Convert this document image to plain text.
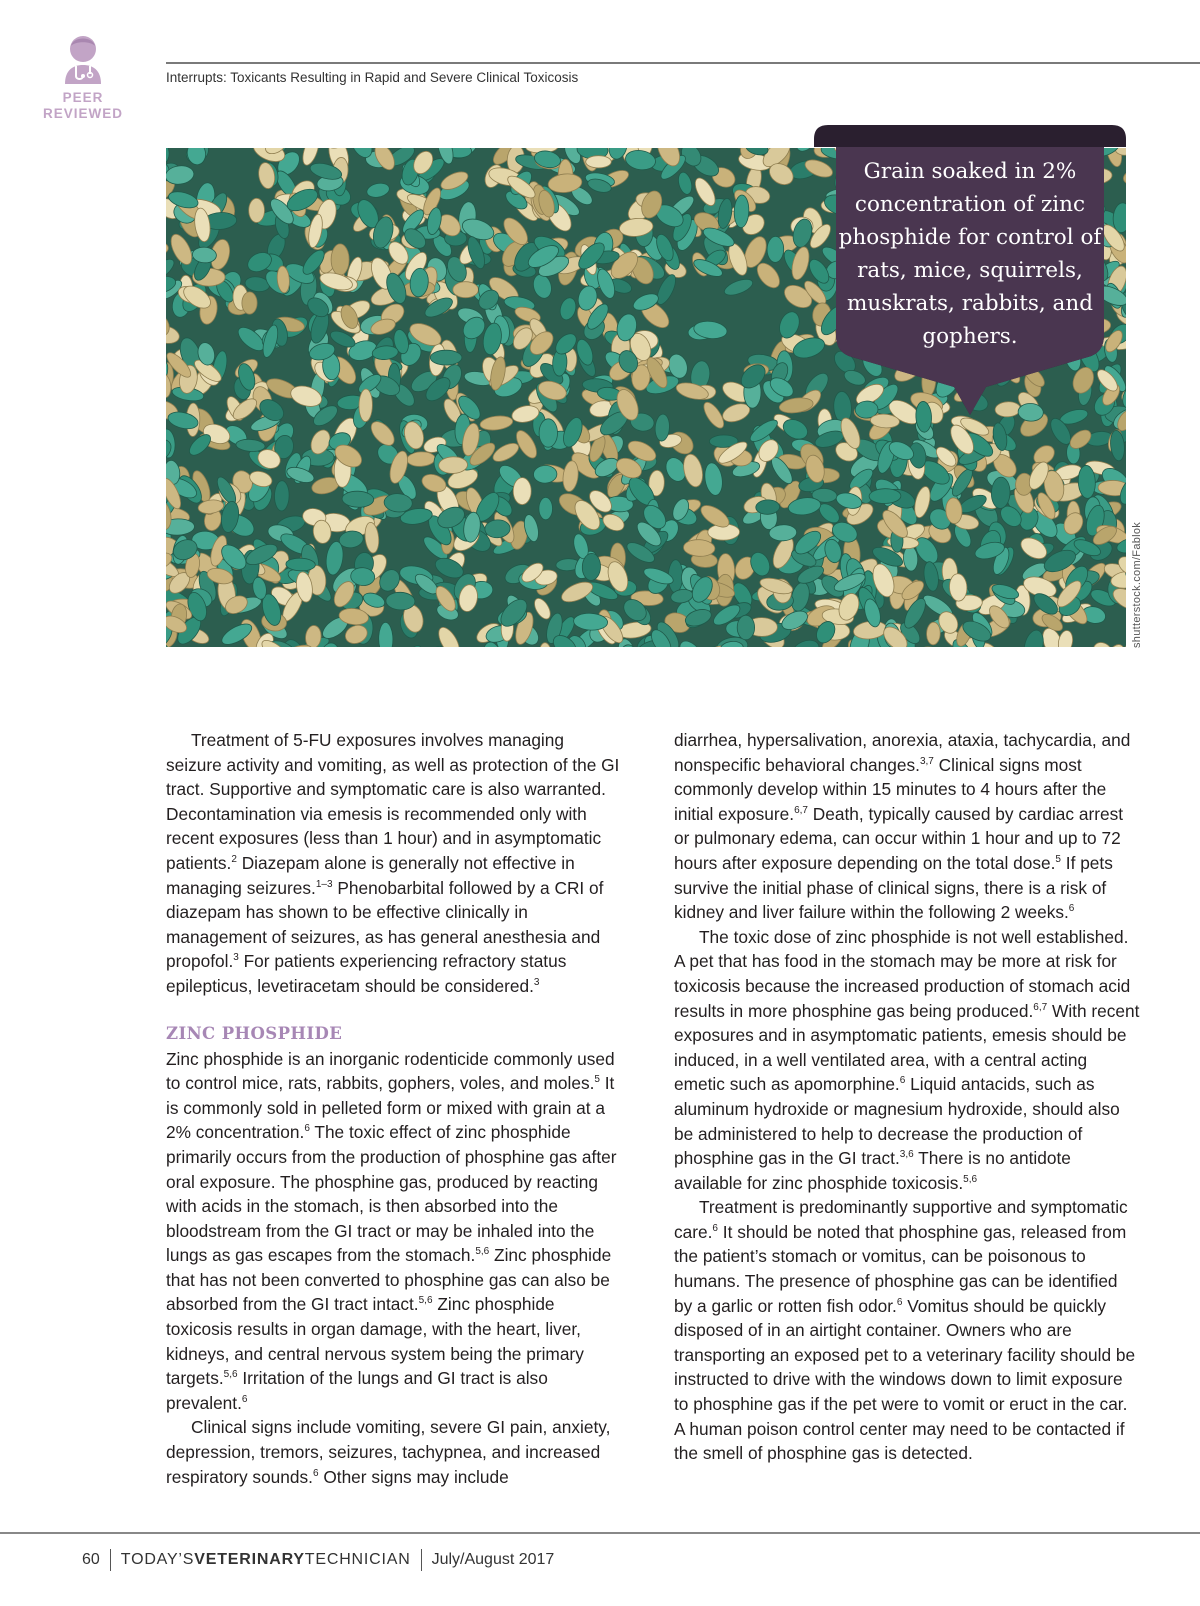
PEER
REVIEWED
Interrupts: Toxicants Resulting in Rapid and Severe Clinical Toxicosis
Grain soaked in 2% concentration of zinc phosphide for control of rats, mice, squirrels, muskrats, rabbits, and gophers.
shutterstock.com/Fablok

Treatment of 5-FU exposures involves managing seizure activity and vomiting, as well as protection of the GI tract. Supportive and symptomatic care is also warranted. Decontamination via emesis is recommended only with recent exposures (less than 1 hour) and in asymptomatic patients.$^2$ Diazepam alone is generally not effective in managing seizures.$^{1-3}$ Phenobarbital followed by a CRI of diazepam has shown to be effective clinically in management of seizures, as has general anesthesia and propofol.$^3$ For patients experiencing refractory status epilepticus, levetiracetam should be considered.$^3$

ZINC PHOSPHIDE

Zinc phosphide is an inorganic rodenticide commonly used to control mice, rats, rabbits, gophers, voles, and moles.$^5$ It is commonly sold in pelleted form or mixed with grain at a 2% concentration.$^6$ The toxic effect of zinc phosphide primarily occurs from the production of phosphine gas after oral exposure. The phosphine gas, produced by reacting with acids in the stomach, is then absorbed into the bloodstream from the GI tract or may be inhaled into the lungs as gas escapes from the stomach.$^{5,6}$ Zinc phosphide that has not been converted to phosphine gas can also be absorbed from the GI tract intact.$^{5,6}$ Zinc phosphide toxicosis results in organ damage, with the heart, liver, kidneys, and central nervous system being the primary targets.$^{5,6}$ Irritation of the lungs and GI tract is also prevalent.$^6$

Clinical signs include vomiting, severe GI pain, anxiety, depression, tremors, seizures, tachypnea, and increased respiratory sounds.$^6$ Other signs may include

diarrhea, hypersalivation, anorexia, ataxia, tachycardia, and nonspecific behavioral changes.$^{3,7}$ Clinical signs most commonly develop within 15 minutes to 4 hours after the initial exposure.$^{6,7}$ Death, typically caused by cardiac arrest or pulmonary edema, can occur within 1 hour and up to 72 hours after exposure depending on the total dose.$^5$ If pets survive the initial phase of clinical signs, there is a risk of kidney and liver failure within the following 2 weeks.$^6$

The toxic dose of zinc phosphide is not well established. A pet that has food in the stomach may be more at risk for toxicosis because the increased production of stomach acid results in more phosphine gas being produced.$^{6,7}$ With recent exposures and in asymptomatic patients, emesis should be induced, in a well ventilated area, with a central acting emetic such as apomorphine.$^6$ Liquid antacids, such as aluminum hydroxide or magnesium hydroxide, should also be administered to help to decrease the production of phosphine gas in the GI tract.$^{3,6}$ There is no antidote available for zinc phosphide toxicosis.$^{5,6}$

Treatment is predominantly supportive and symptomatic care.$^6$ It should be noted that phosphine gas, released from the patient’s stomach or vomitus, can be poisonous to humans. The presence of phosphine gas can be identified by a garlic or rotten fish odor.$^6$ Vomitus should be quickly disposed of in an airtight container. Owners who are transporting an exposed pet to a veterinary facility should be instructed to drive with the windows down to limit exposure to phosphine gas if the pet were to vomit or eruct in the car. A human poison control center may need to be contacted if the smell of phosphine gas is detected.

60 TODAY’SVETERINARYTECHNICIAN July/August 2017
